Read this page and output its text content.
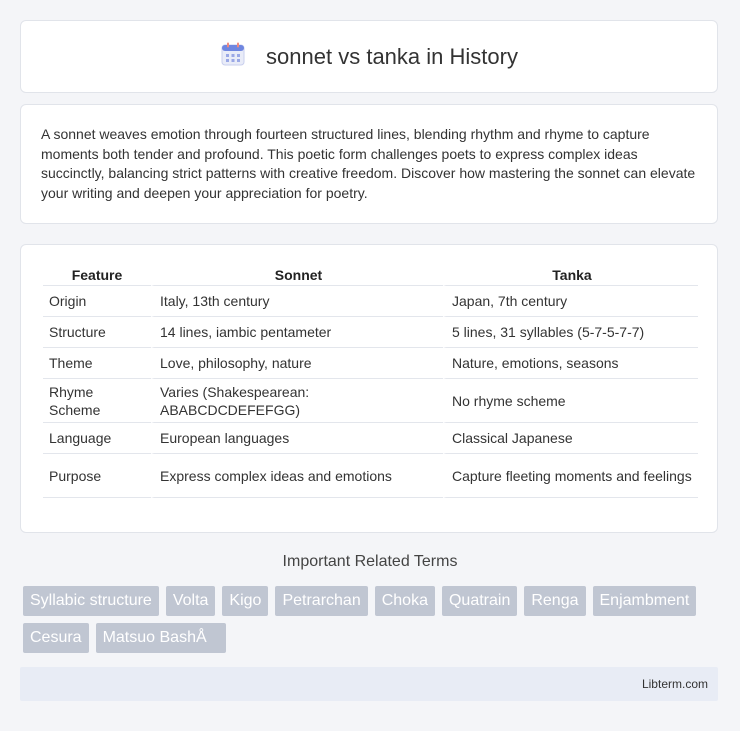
sonnet vs tanka in History

A sonnet weaves emotion through fourteen structured lines, blending rhythm and rhyme to capture moments both tender and profound. This poetic form challenges poets to express complex ideas succinctly, balancing strict patterns with creative freedom. Discover how mastering the sonnet can elevate your writing and deepen your appreciation for poetry.

Feature	Sonnet	Tanka
Origin	Italy, 13th century	Japan, 7th century
Structure	14 lines, iambic pentameter	5 lines, 31 syllables (5-7-5-7-7)
Theme	Love, philosophy, nature	Nature, emotions, seasons
Rhyme Scheme	Varies (Shakespearean: ABABCDCDEFEFGG)	No rhyme scheme
Language	European languages	Classical Japanese
Purpose	Express complex ideas and emotions	Capture fleeting moments and feelings
Important Related Terms
Syllabic structure	Volta	Kigo	Petrarchan	Choka	Quatrain	Renga	Enjambment
Cesura	Matsuo BashÅ
Libterm.com
